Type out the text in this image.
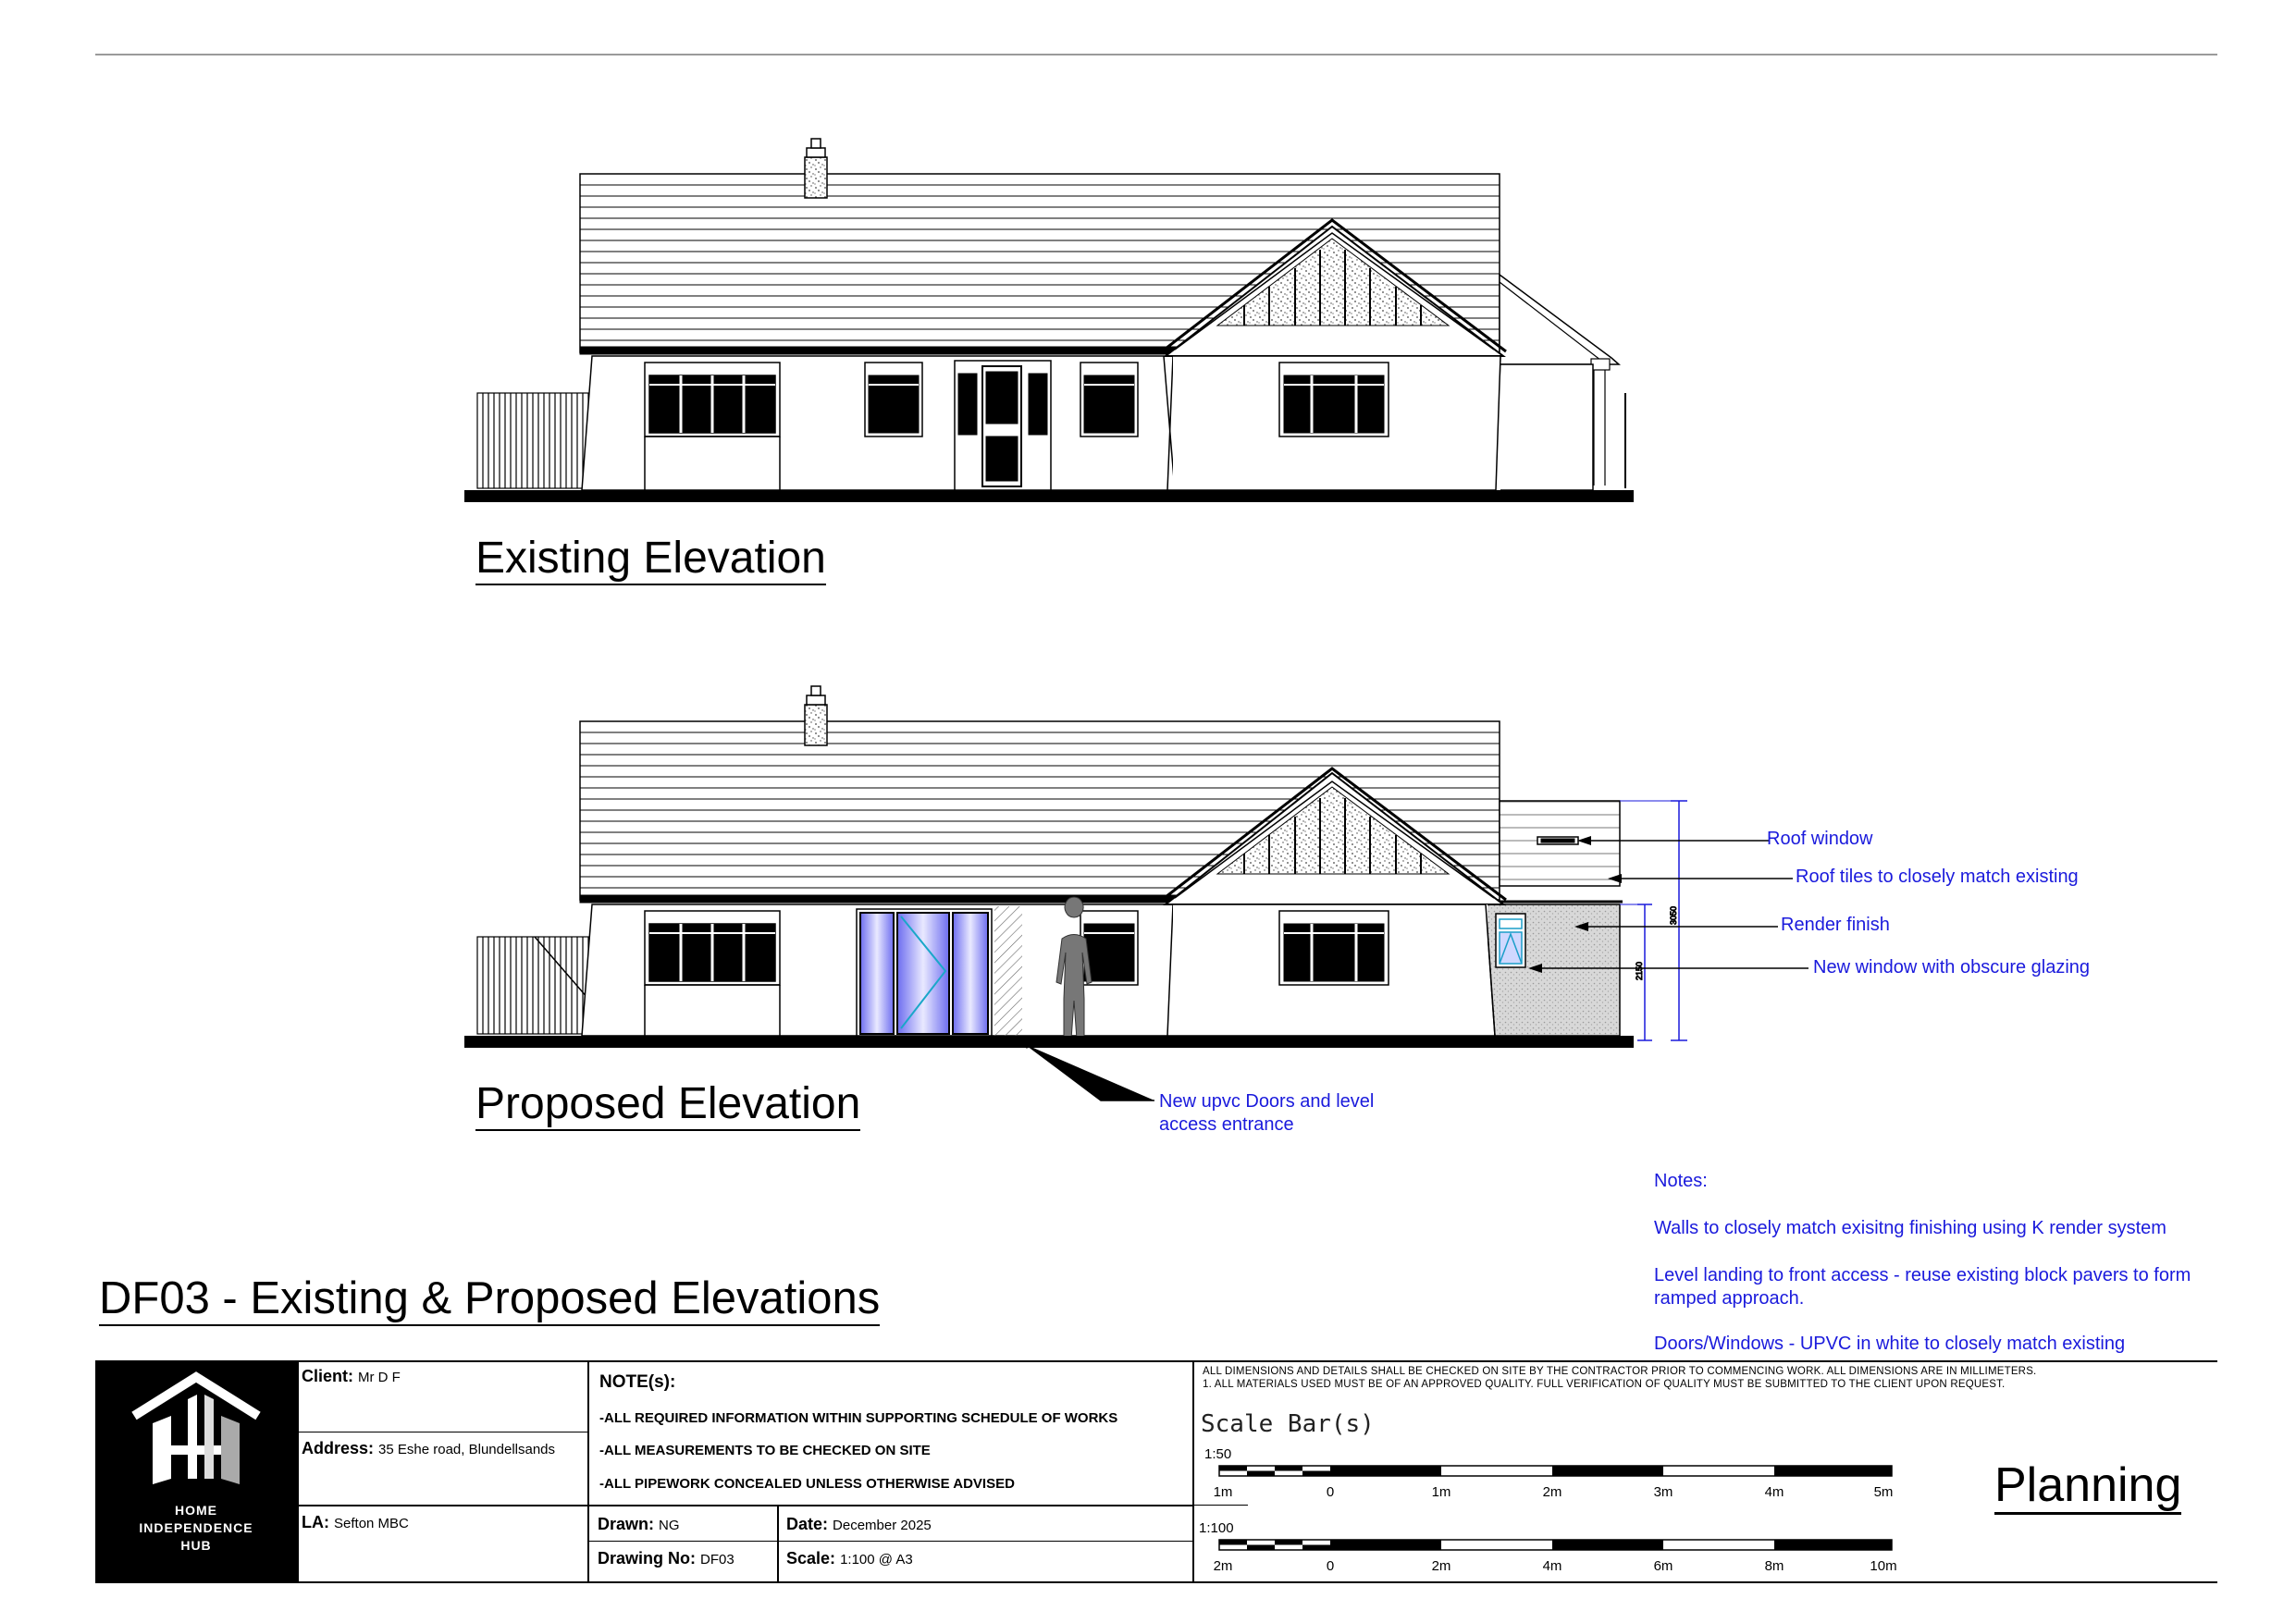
3050
2150
Existing Elevation
Proposed Elevation
Roof window
Roof tiles to closely match existing
Render finish
New window with obscure glazing
New upvc Doors and level
access entrance
Notes:
Walls to closely match exisitng finishing using K render system
Level landing to front access - reuse existing block pavers to form ramped approach.
Doors/Windows - UPVC in white to closely match existing
DF03 - Existing & Proposed Elevations
HOME
INDEPENDENCE
HUB
Client: Mr D F
Address: 35 Eshe road, Blundellsands
LA: Sefton MBC
NOTE(s):
-ALL REQUIRED INFORMATION WITHIN SUPPORTING SCHEDULE OF WORKS
-ALL MEASUREMENTS TO BE CHECKED ON SITE
-ALL PIPEWORK CONCEALED UNLESS OTHERWISE ADVISED
Drawn: NG	Date: December 2025
Drawing No: DF03	Scale: 1:100 @ A3
ALL DIMENSIONS AND DETAILS SHALL BE CHECKED ON SITE BY THE CONTRACTOR PRIOR TO COMMENCING WORK. ALL DIMENSIONS ARE IN MILLIMETERS.
1. ALL MATERIALS USED MUST BE OF AN APPROVED QUALITY. FULL VERIFICATION OF QUALITY MUST BE SUBMITTED TO THE CLIENT UPON REQUEST.
Scale Bar(s)
1:50
1:100
1m	0	1m	2m	3m	4m	5m
2m	0	2m	4m	6m	8m	10m
Planning
